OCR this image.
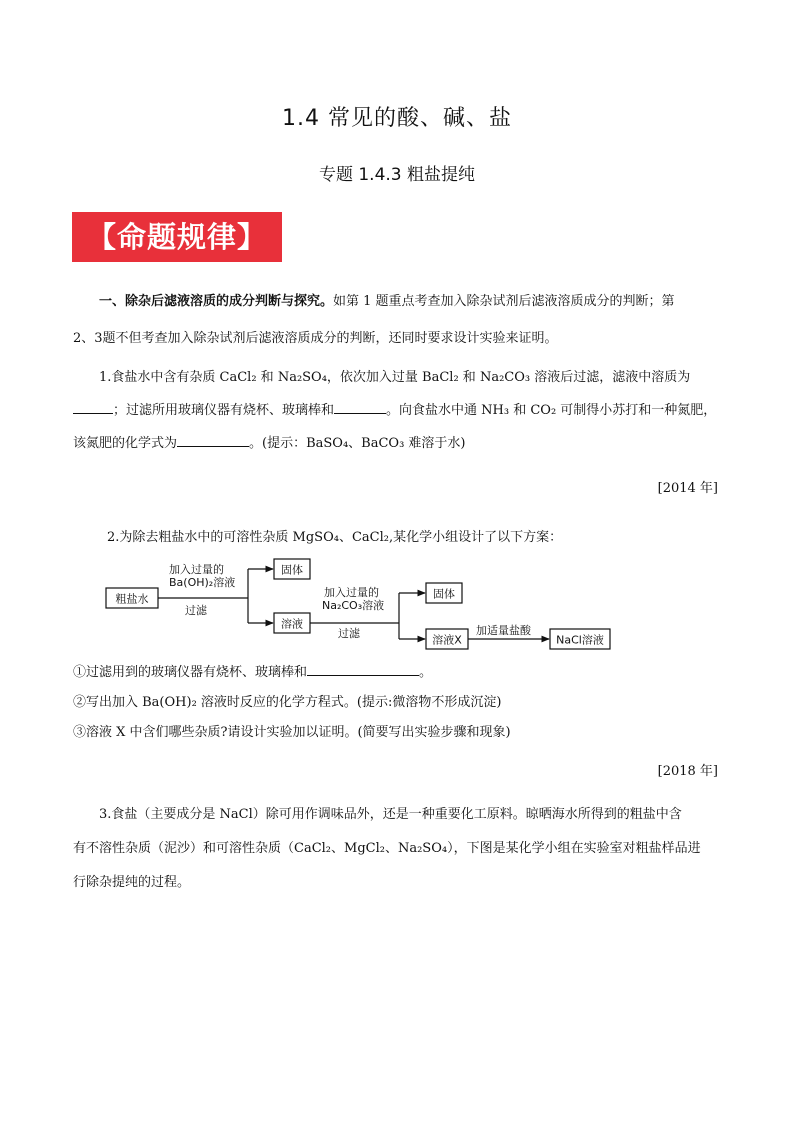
1.4 常见的酸、碱、盐
专题 1.4.3 粗盐提纯
【命题规律】
一、除杂后滤液溶质的成分判断与探究。如第 1 题重点考查加入除杂试剂后滤液溶质成分的判断；第
2、3题不但考查加入除杂试剂后滤液溶质成分的判断，还同时要求设计实验来证明。
1.食盐水中含有杂质 CaCl₂ 和 Na₂SO₄，依次加入过量 BaCl₂ 和 Na₂CO₃ 溶液后过滤，滤液中溶质为
；过滤所用玻璃仪器有烧杯、玻璃棒和	。向食盐水中通 NH₃ 和 CO₂ 可制得小苏打和一种氮肥，
该氮肥的化学式为	。(提示：BaSO₄、BaCO₃ 难溶于水)
[2014 年]
2.为除去粗盐水中的可溶性杂质 MgSO₄、CaCl₂,某化学小组设计了以下方案：
粗盐水
加入过量的
Ba(OH)₂溶液
过滤
固体
溶液
加入过量的
Na₂CO₃溶液
过滤
固体
溶液X
加适量盐酸
NaCl溶液
①过滤用到的玻璃仪器有烧杯、玻璃棒和	。
②写出加入 Ba(OH)₂ 溶液时反应的化学方程式。(提示:微溶物不形成沉淀)
③溶液 X 中含们哪些杂质?请设计实验加以证明。(简要写出实验步骤和现象)
[2018 年]
3.食盐（主要成分是 NaCl）除可用作调味品外，还是一种重要化工原料。晾晒海水所得到的粗盐中含
有不溶性杂质（泥沙）和可溶性杂质（CaCl₂、MgCl₂、Na₂SO₄），下图是某化学小组在实验室对粗盐样品进
行除杂提纯的过程。
